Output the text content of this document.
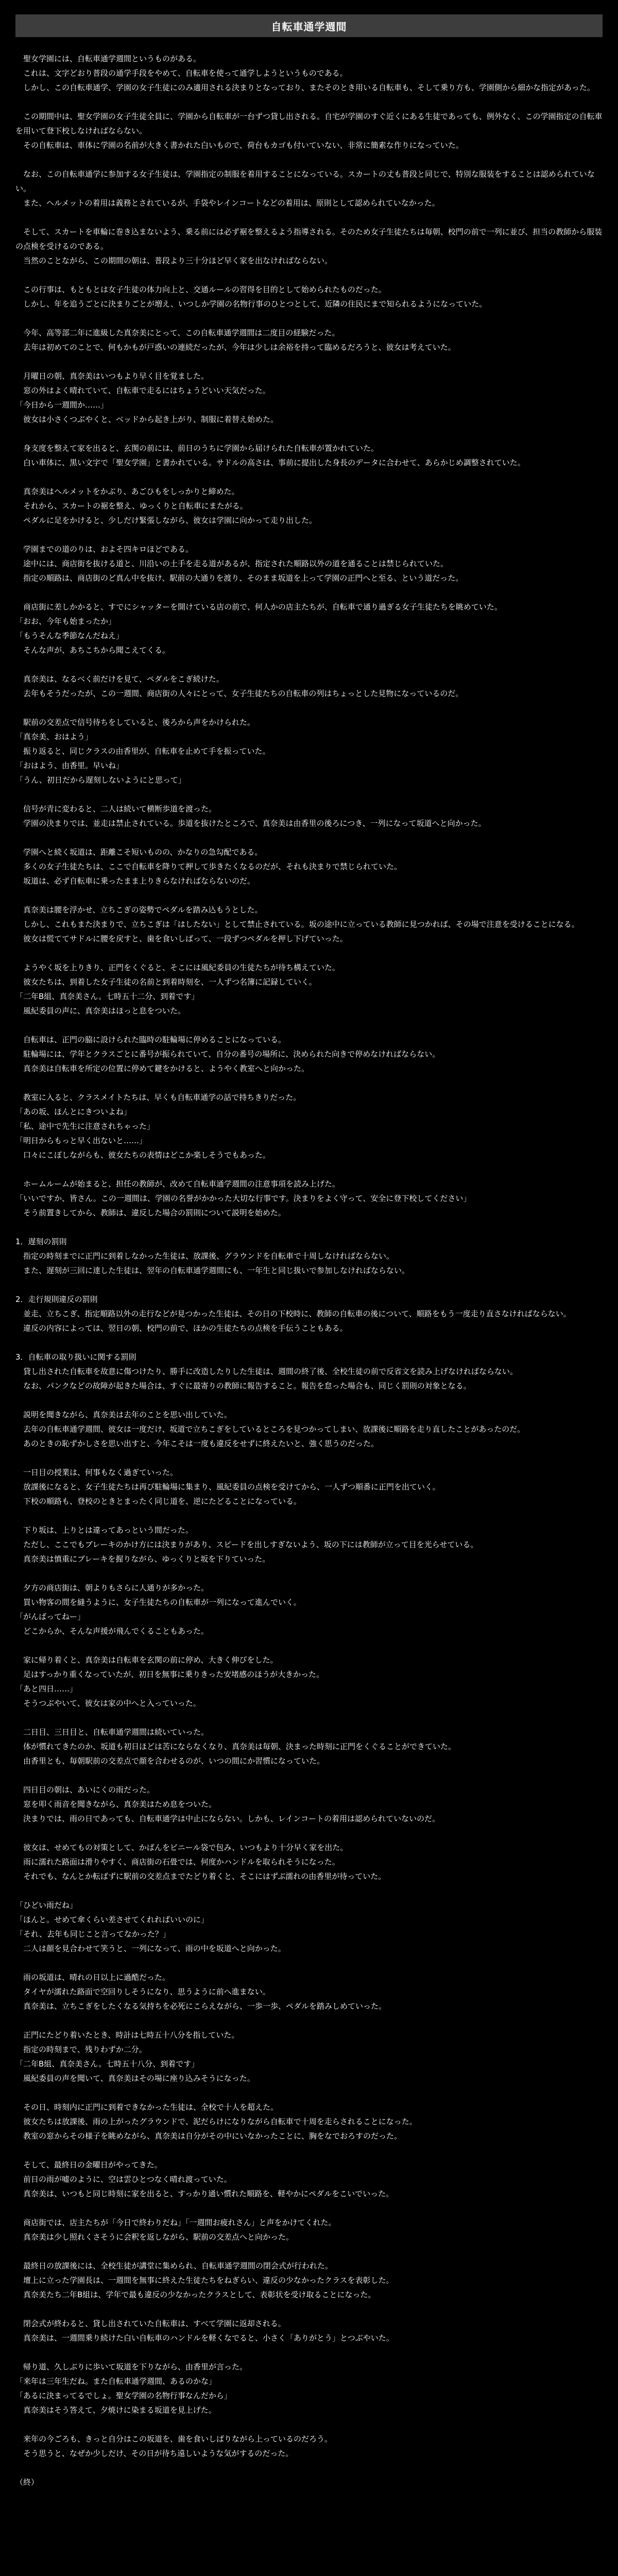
自転車通学週間

聖女学園には、自転車通学週間というものがある。

これは、文字どおり普段の通学手段をやめて、自転車を使って通学しようというものである。

しかし、この自転車通学、学園の女子生徒にのみ適用される決まりとなっており、またそのとき用いる自転車も、そして乗り方も、学園側から細かな指定があった。

この期間中は、聖女学園の女子生徒全員に、学園から自転車が一台ずつ貸し出される。自宅が学園のすぐ近くにある生徒であっても、例外なく、この学園指定の自転車を用いて登下校しなければならない。

その自転車は、車体に学園の名前が大きく書かれた白いもので、荷台もカゴも付いていない、非常に簡素な作りになっていた。

なお、この自転車通学に参加する女子生徒は、学園指定の制服を着用することになっている。スカートの丈も普段と同じで、特別な服装をすることは認められていない。

また、ヘルメットの着用は義務とされているが、手袋やレインコートなどの着用は、原則として認められていなかった。

そして、スカートを車輪に巻き込まないよう、乗る前には必ず裾を整えるよう指導される。そのため女子生徒たちは毎朝、校門の前で一列に並び、担当の教師から服装の点検を受けるのである。

当然のことながら、この期間の朝は、普段より三十分ほど早く家を出なければならない。

この行事は、もともとは女子生徒の体力向上と、交通ルールの習得を目的として始められたものだった。

しかし、年を追うごとに決まりごとが増え、いつしか学園の名物行事のひとつとして、近隣の住民にまで知られるようになっていた。

今年、高等部二年に進級した真奈美にとって、この自転車通学週間は二度目の経験だった。

去年は初めてのことで、何もかもが戸惑いの連続だったが、今年は少しは余裕を持って臨めるだろうと、彼女は考えていた。

月曜日の朝、真奈美はいつもより早く目を覚ました。

窓の外はよく晴れていて、自転車で走るにはちょうどいい天気だった。

「今日から一週間か……」

彼女は小さくつぶやくと、ベッドから起き上がり、制服に着替え始めた。

身支度を整えて家を出ると、玄関の前には、前日のうちに学園から届けられた自転車が置かれていた。

白い車体に、黒い文字で「聖女学園」と書かれている。サドルの高さは、事前に提出した身長のデータに合わせて、あらかじめ調整されていた。

真奈美はヘルメットをかぶり、あごひもをしっかりと締めた。

それから、スカートの裾を整え、ゆっくりと自転車にまたがる。

ペダルに足をかけると、少しだけ緊張しながら、彼女は学園に向かって走り出した。

学園までの道のりは、およそ四キロほどである。

途中には、商店街を抜ける道と、川沿いの土手を走る道があるが、指定された順路以外の道を通ることは禁じられていた。

指定の順路は、商店街のど真ん中を抜け、駅前の大通りを渡り、そのまま坂道を上って学園の正門へと至る、という道だった。

商店街に差しかかると、すでにシャッターを開けている店の前で、何人かの店主たちが、自転車で通り過ぎる女子生徒たちを眺めていた。

「おお、今年も始まったか」

「もうそんな季節なんだねえ」

そんな声が、あちこちから聞こえてくる。

真奈美は、なるべく前だけを見て、ペダルをこぎ続けた。

去年もそうだったが、この一週間、商店街の人々にとって、女子生徒たちの自転車の列はちょっとした見物になっているのだ。

駅前の交差点で信号待ちをしていると、後ろから声をかけられた。

「真奈美、おはよう」

振り返ると、同じクラスの由香里が、自転車を止めて手を振っていた。

「おはよう、由香里。早いね」

「うん、初日だから遅刻しないようにと思って」

信号が青に変わると、二人は続いて横断歩道を渡った。

学園の決まりでは、並走は禁止されている。歩道を抜けたところで、真奈美は由香里の後ろにつき、一列になって坂道へと向かった。

学園へと続く坂道は、距離こそ短いものの、かなりの急勾配である。

多くの女子生徒たちは、ここで自転車を降りて押して歩きたくなるのだが、それも決まりで禁じられていた。

坂道は、必ず自転車に乗ったまま上りきらなければならないのだ。

真奈美は腰を浮かせ、立ちこぎの姿勢でペダルを踏み込もうとした。

しかし、これもまた決まりで、立ちこぎは「はしたない」として禁止されている。坂の途中に立っている教師に見つかれば、その場で注意を受けることになる。

彼女は慌ててサドルに腰を戻すと、歯を食いしばって、一段ずつペダルを押し下げていった。

ようやく坂を上りきり、正門をくぐると、そこには風紀委員の生徒たちが待ち構えていた。

彼女たちは、到着した女子生徒の名前と到着時刻を、一人ずつ名簿に記録していく。

「二年B組、真奈美さん。七時五十二分、到着です」

風紀委員の声に、真奈美はほっと息をついた。

自転車は、正門の脇に設けられた臨時の駐輪場に停めることになっている。

駐輪場には、学年とクラスごとに番号が振られていて、自分の番号の場所に、決められた向きで停めなければならない。

真奈美は自転車を所定の位置に停めて鍵をかけると、ようやく教室へと向かった。

教室に入ると、クラスメイトたちは、早くも自転車通学の話で持ちきりだった。

「あの坂、ほんとにきついよね」

「私、途中で先生に注意されちゃった」

「明日からもっと早く出ないと……」

口々にこぼしながらも、彼女たちの表情はどこか楽しそうでもあった。

ホームルームが始まると、担任の教師が、改めて自転車通学週間の注意事項を読み上げた。

「いいですか、皆さん。この一週間は、学園の名誉がかかった大切な行事です。決まりをよく守って、安全に登下校してください」

そう前置きしてから、教師は、違反した場合の罰則について説明を始めた。

1．遅刻の罰則

指定の時刻までに正門に到着しなかった生徒は、放課後、グラウンドを自転車で十周しなければならない。

また、遅刻が三回に達した生徒は、翌年の自転車通学週間にも、一年生と同じ扱いで参加しなければならない。

2．走行規則違反の罰則

並走、立ちこぎ、指定順路以外の走行などが見つかった生徒は、その日の下校時に、教師の自転車の後について、順路をもう一度走り直さなければならない。

違反の内容によっては、翌日の朝、校門の前で、ほかの生徒たちの点検を手伝うこともある。

3．自転車の取り扱いに関する罰則

貸し出された自転車を故意に傷つけたり、勝手に改造したりした生徒は、週間の終了後、全校生徒の前で反省文を読み上げなければならない。

なお、パンクなどの故障が起きた場合は、すぐに最寄りの教師に報告すること。報告を怠った場合も、同じく罰則の対象となる。

説明を聞きながら、真奈美は去年のことを思い出していた。

去年の自転車通学週間、彼女は一度だけ、坂道で立ちこぎをしているところを見つかってしまい、放課後に順路を走り直したことがあったのだ。

あのときの恥ずかしさを思い出すと、今年こそは一度も違反をせずに終えたいと、強く思うのだった。

一日目の授業は、何事もなく過ぎていった。

放課後になると、女子生徒たちは再び駐輪場に集まり、風紀委員の点検を受けてから、一人ずつ順番に正門を出ていく。

下校の順路も、登校のときとまったく同じ道を、逆にたどることになっている。

下り坂は、上りとは違ってあっという間だった。

ただし、ここでもブレーキのかけ方には決まりがあり、スピードを出しすぎないよう、坂の下には教師が立って目を光らせている。

真奈美は慎重にブレーキを握りながら、ゆっくりと坂を下りていった。

夕方の商店街は、朝よりもさらに人通りが多かった。

買い物客の間を縫うように、女子生徒たちの自転車が一列になって進んでいく。

「がんばってねー」

どこからか、そんな声援が飛んでくることもあった。

家に帰り着くと、真奈美は自転車を玄関の前に停め、大きく伸びをした。

足はすっかり重くなっていたが、初日を無事に乗りきった安堵感のほうが大きかった。

「あと四日……」

そうつぶやいて、彼女は家の中へと入っていった。

二日目、三日目と、自転車通学週間は続いていった。

体が慣れてきたのか、坂道も初日ほどは苦にならなくなり、真奈美は毎朝、決まった時刻に正門をくぐることができていた。

由香里とも、毎朝駅前の交差点で顔を合わせるのが、いつの間にか習慣になっていた。

四日目の朝は、あいにくの雨だった。

窓を叩く雨音を聞きながら、真奈美はため息をついた。

決まりでは、雨の日であっても、自転車通学は中止にならない。しかも、レインコートの着用は認められていないのだ。

彼女は、せめてもの対策として、かばんをビニール袋で包み、いつもより十分早く家を出た。

雨に濡れた路面は滑りやすく、商店街の石畳では、何度かハンドルを取られそうになった。

それでも、なんとか転ばずに駅前の交差点までたどり着くと、そこにはずぶ濡れの由香里が待っていた。

「ひどい雨だね」

「ほんと。せめて傘くらい差させてくれればいいのに」

「それ、去年も同じこと言ってなかった？」

二人は顔を見合わせて笑うと、一列になって、雨の中を坂道へと向かった。

雨の坂道は、晴れの日以上に過酷だった。

タイヤが濡れた路面で空回りしそうになり、思うように前へ進まない。

真奈美は、立ちこぎをしたくなる気持ちを必死にこらえながら、一歩一歩、ペダルを踏みしめていった。

正門にたどり着いたとき、時計は七時五十八分を指していた。

指定の時刻まで、残りわずか二分。

「二年B組、真奈美さん。七時五十八分、到着です」

風紀委員の声を聞いて、真奈美はその場に座り込みそうになった。

その日、時刻内に正門に到着できなかった生徒は、全校で十人を超えた。

彼女たちは放課後、雨の上がったグラウンドで、泥だらけになりながら自転車で十周を走らされることになった。

教室の窓からその様子を眺めながら、真奈美は自分がその中にいなかったことに、胸をなでおろすのだった。

そして、最終日の金曜日がやってきた。

前日の雨が嘘のように、空は雲ひとつなく晴れ渡っていた。

真奈美は、いつもと同じ時刻に家を出ると、すっかり通い慣れた順路を、軽やかにペダルをこいでいった。

商店街では、店主たちが「今日で終わりだね」「一週間お疲れさん」と声をかけてくれた。

真奈美は少し照れくさそうに会釈を返しながら、駅前の交差点へと向かった。

最終日の放課後には、全校生徒が講堂に集められ、自転車通学週間の閉会式が行われた。

壇上に立った学園長は、一週間を無事に終えた生徒たちをねぎらい、違反の少なかったクラスを表彰した。

真奈美たち二年B組は、学年で最も違反の少なかったクラスとして、表彰状を受け取ることになった。

閉会式が終わると、貸し出されていた自転車は、すべて学園に返却される。

真奈美は、一週間乗り続けた白い自転車のハンドルを軽くなでると、小さく「ありがとう」とつぶやいた。

帰り道、久しぶりに歩いて坂道を下りながら、由香里が言った。

「来年は三年生だね。また自転車通学週間、あるのかな」

「あるに決まってるでしょ。聖女学園の名物行事なんだから」

真奈美はそう答えて、夕焼けに染まる坂道を見上げた。

来年の今ごろも、きっと自分はこの坂道を、歯を食いしばりながら上っているのだろう。

そう思うと、なぜか少しだけ、その日が待ち遠しいような気がするのだった。

（終）
